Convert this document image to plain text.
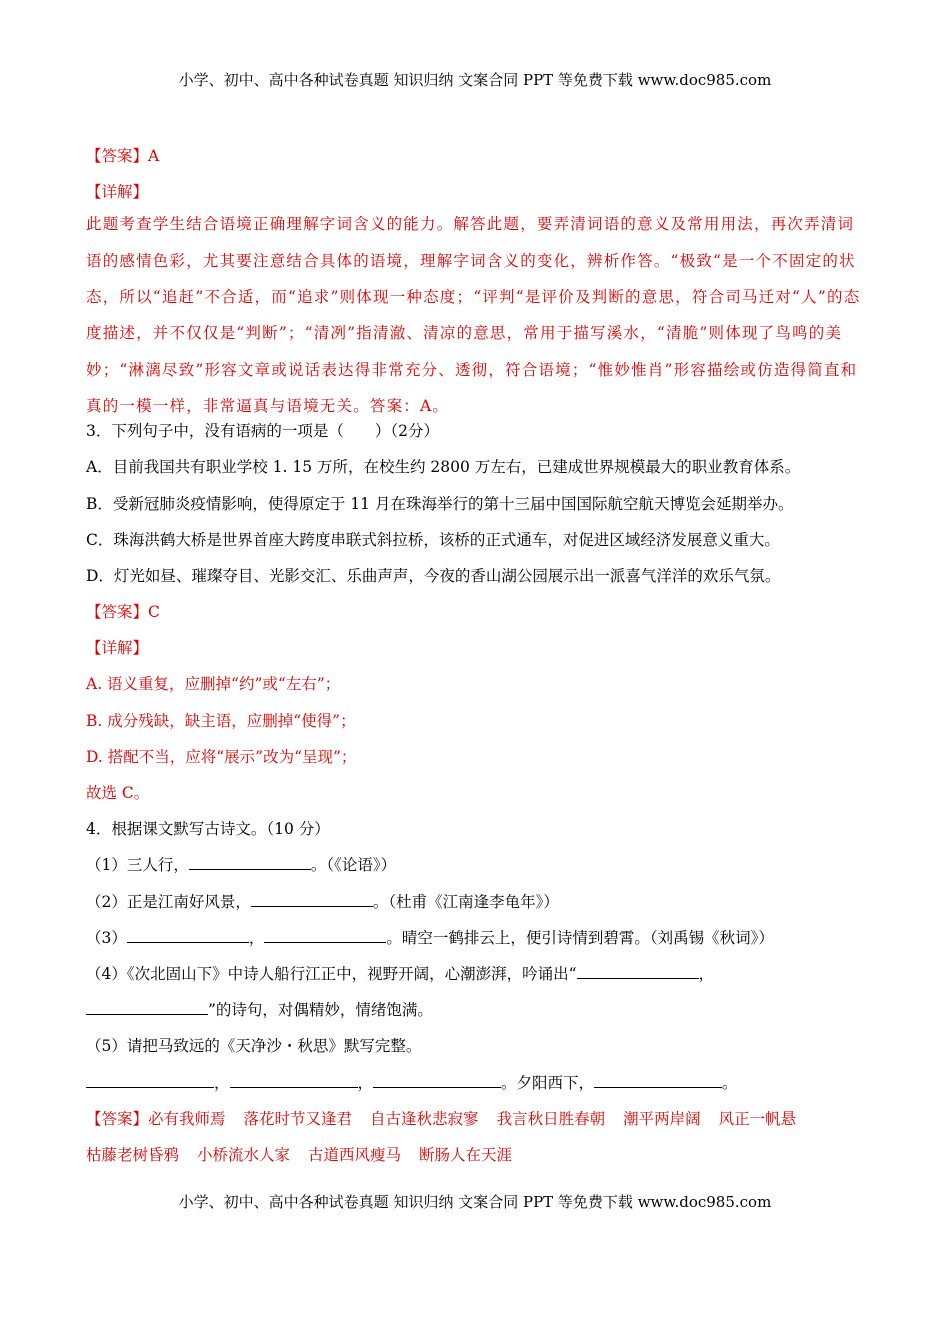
小学、初中、高中各种试卷真题 知识归纳 文案合同 PPT 等免费下载 www.doc985.com
【答案】A
【详解】

此题考查学生结合语境正确理解字词含义的能力。解答此题，要弄清词语的意义及常用用法，再次弄清词语的感情色彩，尤其要注意结合具体的语境，理解字词含义的变化，辨析作答。“极致“是一个不固定的状态，所以“追赶”不合适，而“追求”则体现一种态度；“评判“是评价及判断的意思，符合司马迁对“人”的态度描述，并不仅仅是“判断”；“清冽”指清澈、清凉的意思，常用于描写溪水，“清脆”则体现了鸟鸣的美妙；“淋漓尽致”形容文章或说话表达得非常充分、透彻，符合语境；“惟妙惟肖”形容描绘或仿造得简直和真的一模一样，非常逼真与语境无关。答案：A。

3．下列句子中，没有语病的一项是（　　）（2分）
A．目前我国共有职业学校 1. 15 万所，在校生约 2800 万左右，已建成世界规模最大的职业教育体系。
B．受新冠肺炎疫情影响，使得原定于 11 月在珠海举行的第十三届中国国际航空航天博览会延期举办。
C．珠海洪鹤大桥是世界首座大跨度串联式斜拉桥，该桥的正式通车，对促进区域经济发展意义重大。
D．灯光如昼、璀璨夺目、光影交汇、乐曲声声，今夜的香山湖公园展示出一派喜气洋洋的欢乐气氛。
【答案】C
【详解】
A. 语义重复，应删掉“约”或“左右”；
B. 成分残缺，缺主语，应删掉“使得”；
D. 搭配不当，应将“展示”改为“呈现”；
故选 C。
4．根据课文默写古诗文。（10 分）
（1）三人行，	。（《论语》）
（2）正是江南好风景，	。（杜甫《江南逢李龟年》）
（3）	，	。晴空一鹤排云上，便引诗情到碧霄。（刘禹锡《秋词》）
（4）《次北固山下》中诗人船行江正中，视野开阔，心潮澎湃，吟诵出“	，
”的诗句，对偶精妙，情绪饱满。
（5）请把马致远的《天净沙・秋思》默写完整。
，	，	。夕阳西下，	。
【答案】必有我师焉 落花时节又逢君 自古逢秋悲寂寥 我言秋日胜春朝 潮平两岸阔 风正一帆悬
枯藤老树昏鸦 小桥流水人家 古道西风瘦马 断肠人在天涯
小学、初中、高中各种试卷真题 知识归纳 文案合同 PPT 等免费下载 www.doc985.com
